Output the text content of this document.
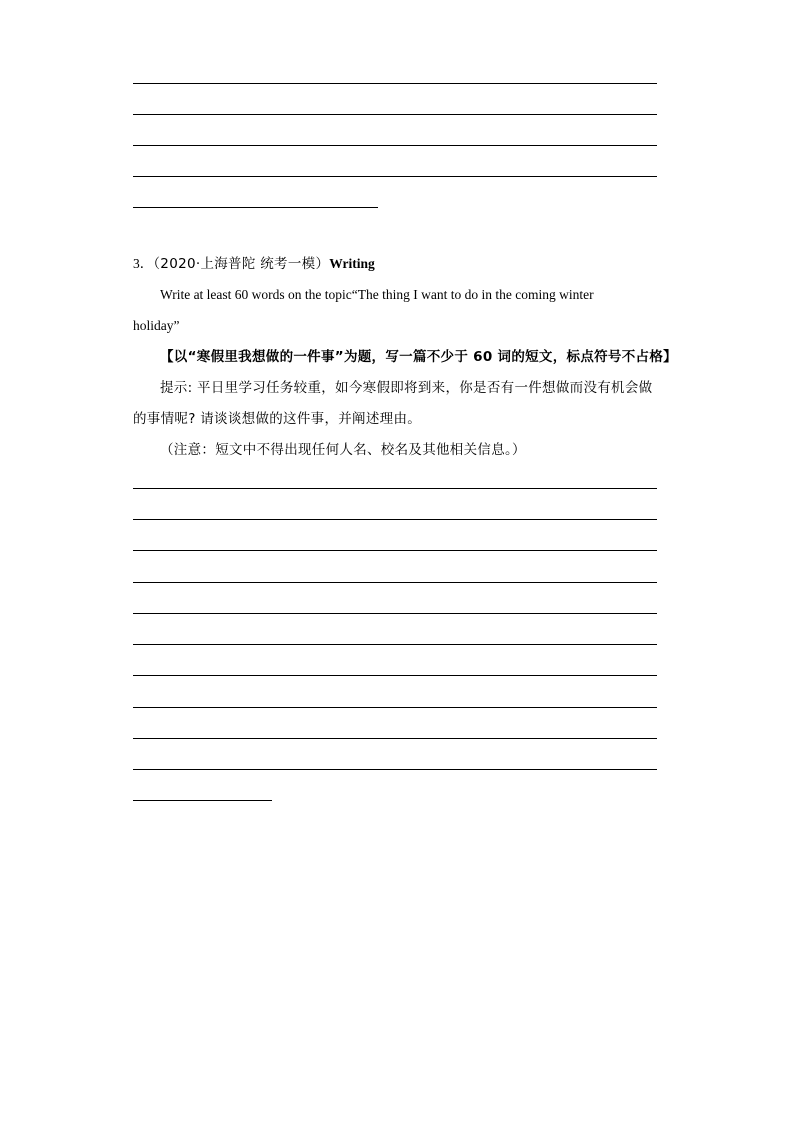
3．（2020·上海普陀 统考一模）Writing
Write at least 60 words on the topic“The thing I want to do in the coming winter
holiday”
【以“寒假里我想做的一件事”为题，写一篇不少于 60 词的短文，标点符号不占格】
提示: 平日里学习任务较重，如今寒假即将到来，你是否有一件想做而没有机会做
的事情呢? 请谈谈想做的这件事，并阐述理由。
（注意：短文中不得出现任何人名、校名及其他相关信息。）
